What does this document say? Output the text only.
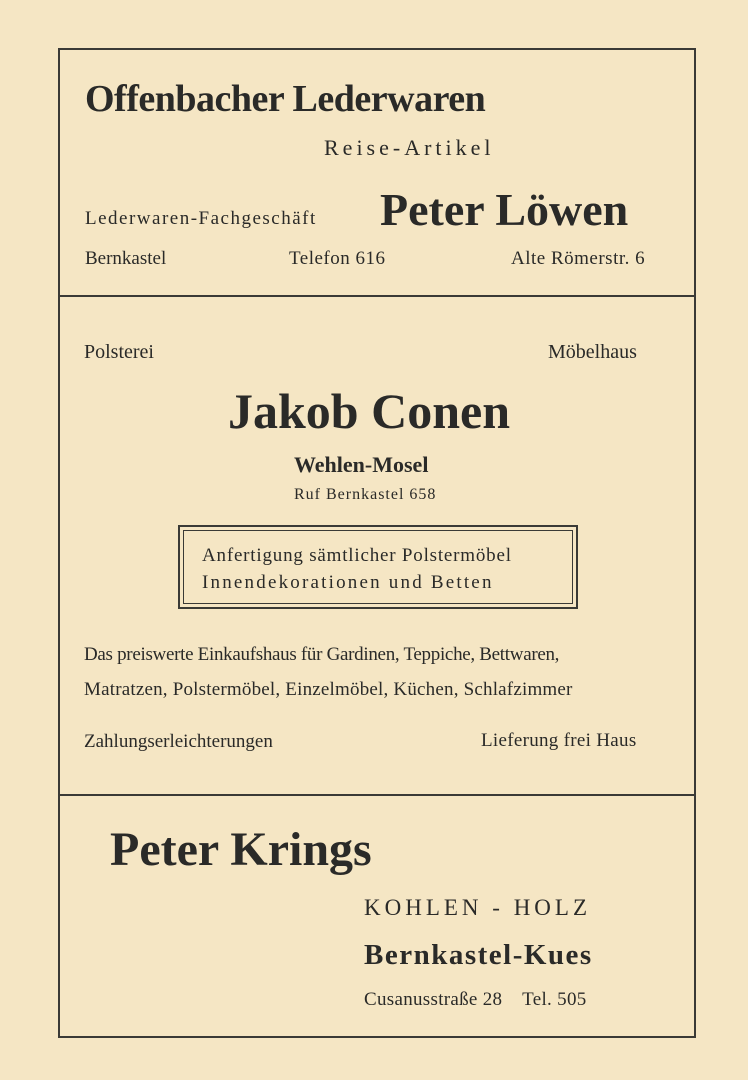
Offenbacher Lederwaren
Reise-Artikel
Lederwaren-Fachgeschäft Peter Löwen
Bernkastel	Telefon 616	Alte Römerstr. 6
Polsterei	Möbelhaus
Jakob Conen
Wehlen-Mosel
Ruf Bernkastel 658
Anfertigung sämtlicher Polstermöbel
Innendekorationen und Betten
Das preiswerte Einkaufshaus für Gardinen, Teppiche, Bettwaren,
Matratzen, Polstermöbel, Einzelmöbel, Küchen, Schlafzimmer
Zahlungserleichterungen	Lieferung frei Haus
Peter Krings
KOHLEN - HOLZ
Bernkastel-Kues
Cusanusstraße 28    Tel. 505
